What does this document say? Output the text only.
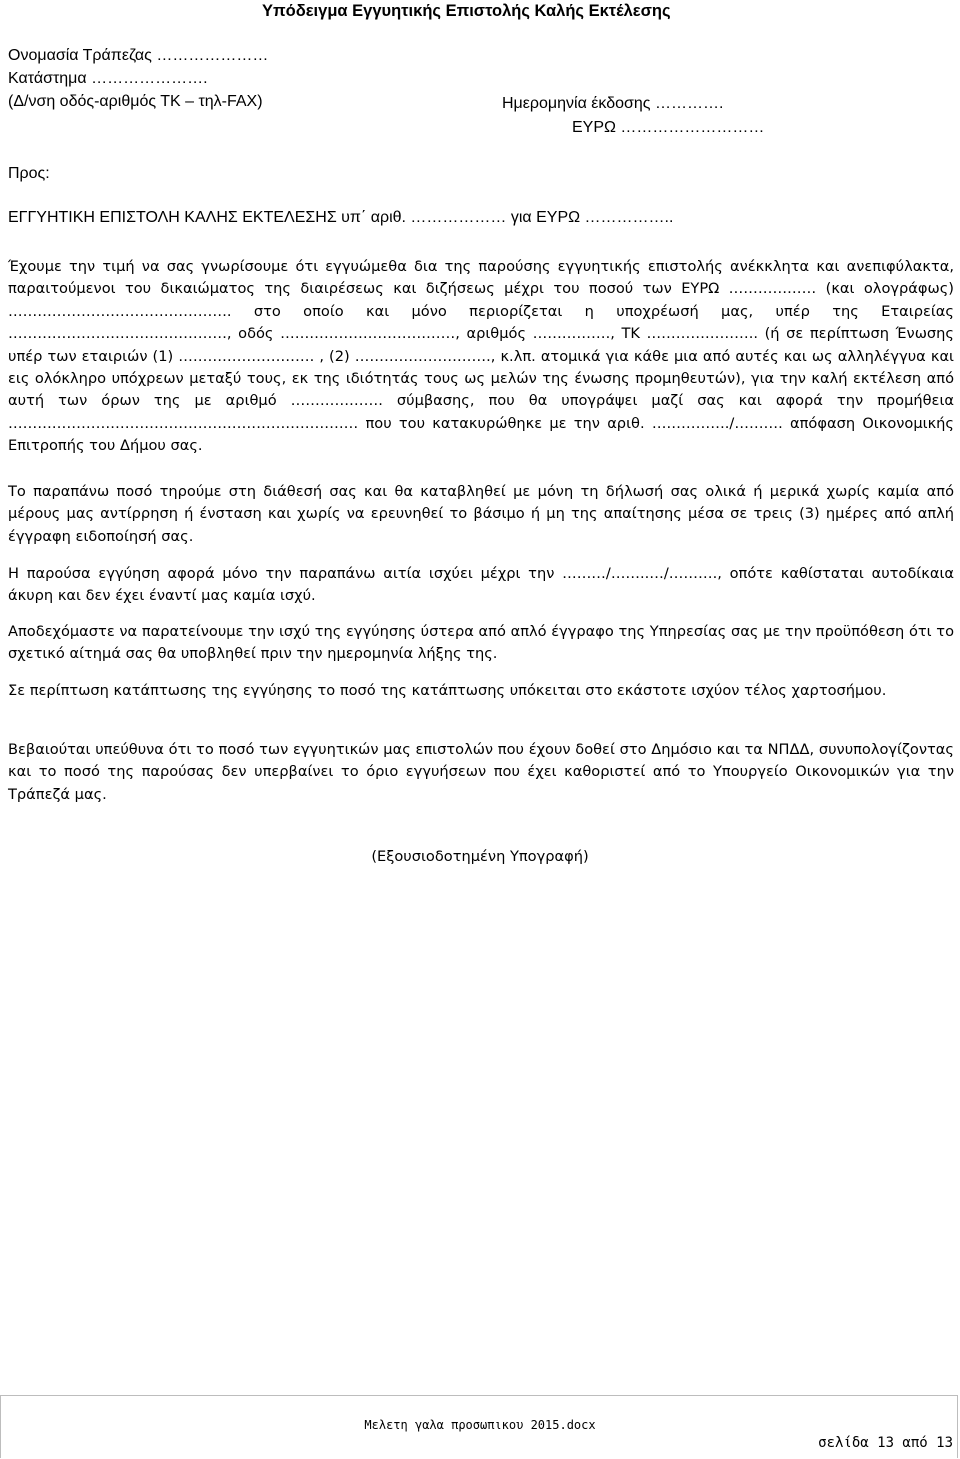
Υπόδειγμα Εγγυητικής Επιστολής Καλής Εκτέλεσης
Ονομασία Τράπεζας …………………
Κατάστημα ………………….
(Δ/νση οδός-αριθμός ΤΚ – τηλ-FAX)	Ημερομηνία έκδοσης ………….
ΕΥΡΩ ………………………
Προς:
ΕΓΓΥΗΤΙΚΗ ΕΠΙΣΤΟΛΗ ΚΑΛΗΣ ΕΚΤΕΛΕΣΗΣ υπ΄ αριθ. ……………… για ΕΥΡΩ ……………..
Έχουμε την τιμή να σας γνωρίσουμε ότι εγγυώμεθα δια της παρούσης εγγυητικής επιστολής ανέκκλητα και ανεπιφύλακτα, παραιτούμενοι του δικαιώματος της διαιρέσεως και διζήσεως μέχρι του ποσού των ΕΥΡΩ ……………… (και ολογράφως) ………………………………………. στο οποίο και μόνο περιορίζεται η υποχρέωσή μας, υπέρ της Εταιρείας ………………………………………, οδός ………………………………, αριθμός ……………., ΤΚ ………………….. (ή σε περίπτωση Ένωσης υπέρ των εταιριών (1) ………………………. , (2) ………………………., κ.λπ. ατομικά για κάθε μια από αυτές και ως αλληλέγγυα και εις ολόκληρο υπόχρεων μεταξύ τους, εκ της ιδιότητάς τους ως μελών της ένωσης προμηθευτών), για την καλή εκτέλεση από αυτή των όρων της με αριθμό ………………. σύμβασης, που θα υπογράψει μαζί σας και αφορά την προμήθεια ……………………………………………………………… που του κατακυρώθηκε με την αριθ. ……………./………. απόφαση Οικονομικής Επιτροπής του Δήμου σας.
Το παραπάνω ποσό τηρούμε στη διάθεσή σας και θα καταβληθεί με μόνη τη δήλωσή σας ολικά ή μερικά χωρίς καμία από μέρους μας αντίρρηση ή ένσταση και χωρίς να ερευνηθεί το βάσιμο ή μη της απαίτησης μέσα σε τρεις (3) ημέρες από απλή έγγραφη ειδοποίησή σας.
Η παρούσα εγγύηση αφορά μόνο την παραπάνω αιτία ισχύει μέχρι την ………/……..…/………., οπότε καθίσταται αυτοδίκαια άκυρη και δεν έχει έναντί μας καμία ισχύ.
Αποδεχόμαστε να παρατείνουμε την ισχύ της εγγύησης ύστερα από απλό έγγραφο της Υπηρεσίας σας με την προϋπόθεση ότι το σχετικό αίτημά σας θα υποβληθεί πριν την ημερομηνία λήξης της.
Σε περίπτωση κατάπτωσης της εγγύησης το ποσό της κατάπτωσης υπόκειται στο εκάστοτε ισχύον τέλος χαρτοσήμου.
Βεβαιούται υπεύθυνα ότι το ποσό των εγγυητικών μας επιστολών που έχουν δοθεί στο Δημόσιο και τα ΝΠΔΔ, συνυπολογίζοντας και το ποσό της παρούσας δεν υπερβαίνει το όριο εγγυήσεων που έχει καθοριστεί από το Υπουργείο Οικονομικών για την Τράπεζά μας.
(Εξουσιοδοτημένη Υπογραφή)
Μελετη γαλα προσωπικου 2015.docx
σελίδα 13 από 13
